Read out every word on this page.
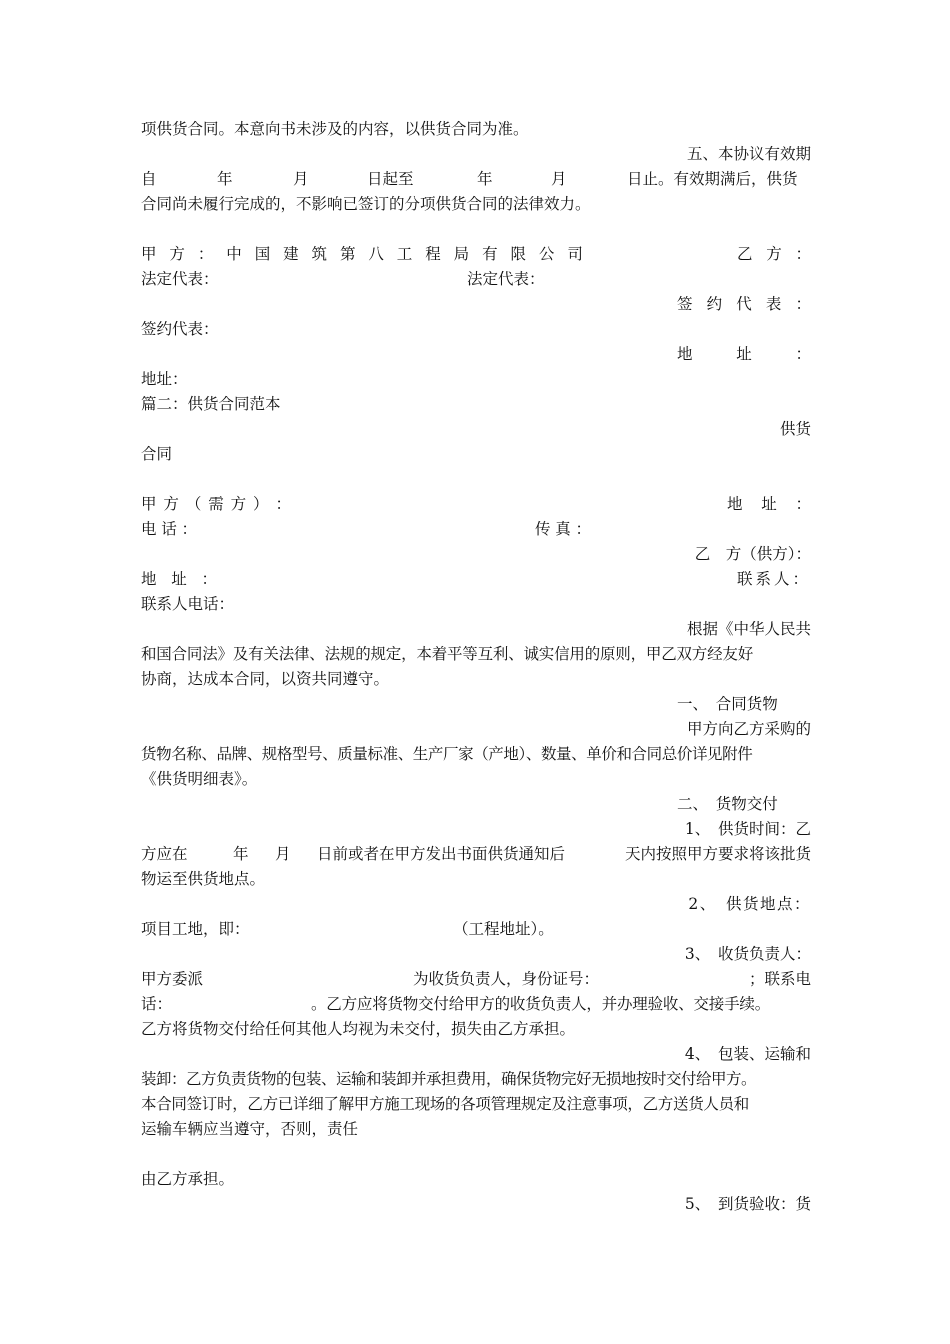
项供货合同。本意向书未涉及的内容，以供货合同为准。
五、本协议有效期
自	年	月	日起至	年	月	日止。有效期满后，供货
合同尚未履行完成的，不影响已签订的分项供货合同的法律效力。
甲 方 ： 中 国 建 筑 第 八 工 程 局 有 限 公 司	乙 方 ：
法定代表：	法定代表：
签 约 代 表 ：
签约代表：
地	址	：
地址：
篇二：供货合同范本
供货
合同
甲 方 （ 需 方 ） ：	地 址 ：
电 话 ：	传 真 ：
乙　方（供方）：
地 址 ：	联系人：
联系人电话：
根据《中华人民共
和国合同法》及有关法律、法规的规定，本着平等互利、诚实信用的原则，甲乙双方经友好
协商，达成本合同，以资共同遵守。
一、　合同货物
甲方向乙方采购的
货物名称、品牌、规格型号、质量标准、生产厂家（产地）、数量、单价和合同总价详见附件
《供货明细表》。
二、　货物交付
1、　供货时间：乙
方应在	年 月 日前或者在甲方发出书面供货通知后	天内按照甲方要求将该批货
物运至供货地点。
2、　供货地点：
项目工地，即：	（工程地址）。
3、　收货负责人：
甲方委派	为收货负责人，身份证号：	；联系电
话：	。乙方应将货物交付给甲方的收货负责人，并办理验收、交接手续。
乙方将货物交付给任何其他人均视为未交付，损失由乙方承担。
4、　包装、运输和
装卸：乙方负责货物的包装、运输和装卸并承担费用，确保货物完好无损地按时交付给甲方。
本合同签订时，乙方已详细了解甲方施工现场的各项管理规定及注意事项，乙方送货人员和
运输车辆应当遵守，否则，责任
由乙方承担。
5、　到货验收：货
